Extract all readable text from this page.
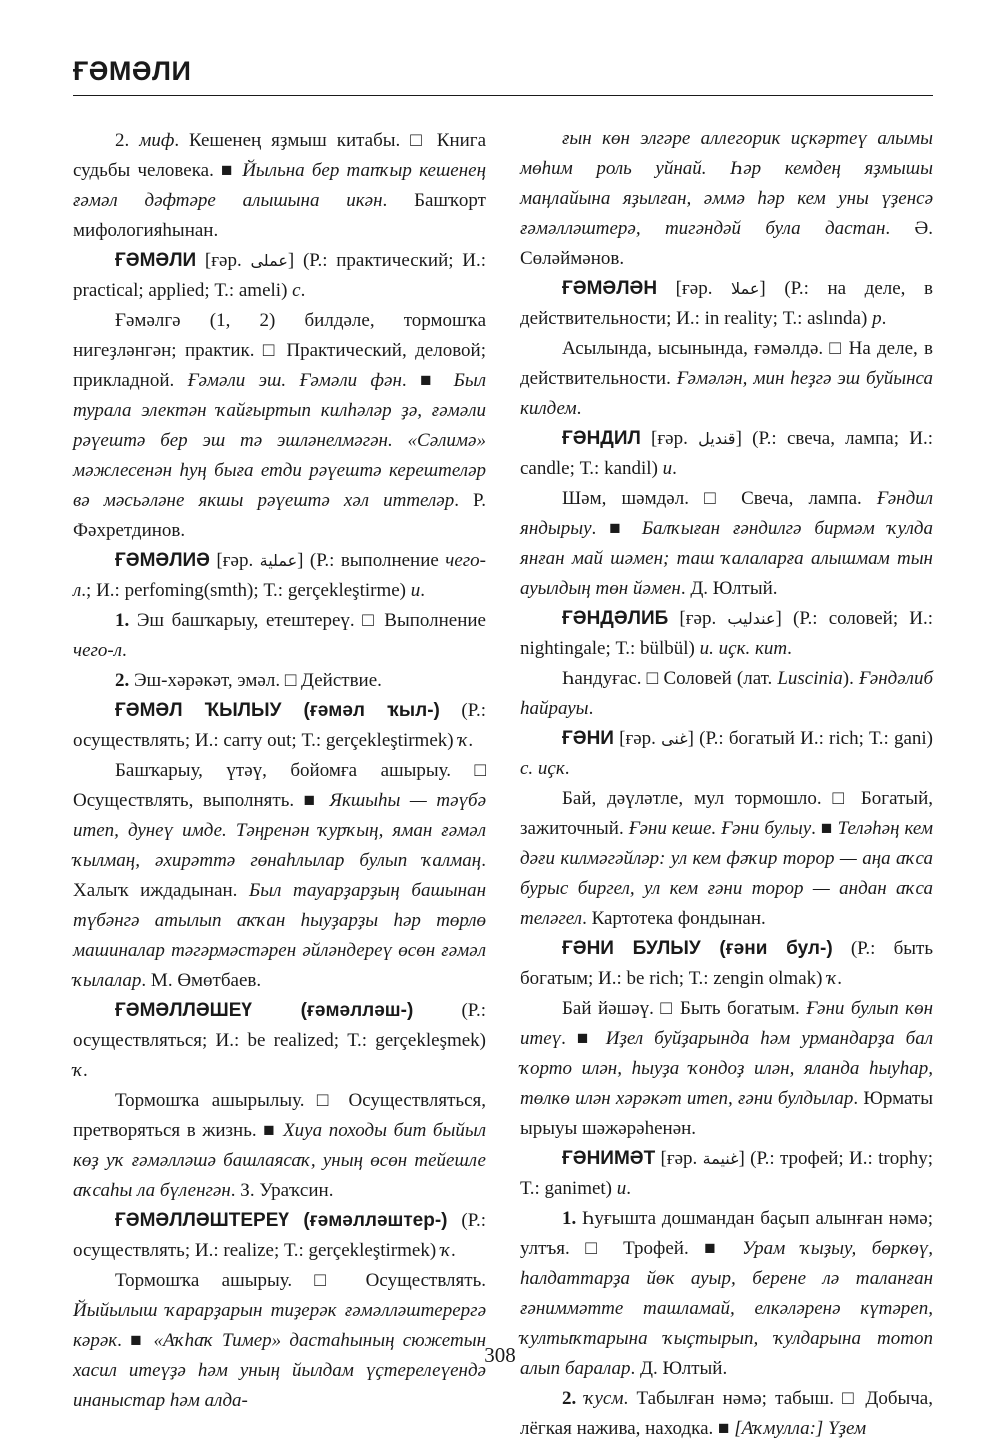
ҒӘМӘЛИ

2. миф. Кешенең яҙмыш китабы. □ Книга судьбы человека. ■ Йыльна бер тапҡыр кешенең ғәмәл дәфтәре алышына икән. Башҡорт мифологияһынан.

ҒӘМӘЛИ [ғәр. عملى] (Р.: практический; И.: practical; applied; Т.: ameli) с.

Ғәмәлгә (1, 2) билдәле, тормошҡа нигеҙләнгән; практик. □ Практический, деловой; прикладной. Ғәмәли эш. Ғәмәли фән. ■ Был турала электән ҡайғыртып килһәләр ҙә, ғәмәли рәүештә бер эш тә эшләнелмәгән. «Сәлимә» мәжлесенән һуң быға етди рәүештә керештеләр вә мәсьәләне якшы рәүештә хәл иттеләр. Р. Фәхретдинов.

ҒӘМӘЛИӘ [ғәр. عملية] (Р.: выполнение чего-л.; И.: perfoming(smth); Т.: gerçekleştirme) и.

1. Эш башҡарыу, етештереү. □ Выполнение чего-л.

2. Эш-хәрәкәт, эмәл. □ Действие.

ҒӘМӘЛ ҠЫЛЫУ (ғәмәл ҡыл-) (Р.: осуществлять; И.: carry out; Т.: gerçekleştirmek) ҡ.

Башҡарыу, үтәү, бойомға ашырыу. □ Осуществлять, выполнять. ■ Якшыһы — тәүбә итеп, дунеү имде. Тәңренән ҡурҡың, яман ғәмәл ҡылмаң, әхирәттә гөнаһлылар булып ҡалмаң. Халыҡ иждадынан. Был тауарҙарҙың башынан түбәнгә атылып аҡҡан һыуҙарҙы һәр төрлө машиналар тәгәрмәстәрен әйләндереү өсөн ғәмәл ҡылалар. М. Өмөтбаев.

ҒӘМӘЛЛӘШЕҮ (ғәмәлләш-) (Р.: осуществляться; И.: be realized; Т.: gerçekleşmek) ҡ.

Тормошҡа ашырылыу. □ Осуществляться, претворяться в жизнь. ■ Хиуа походы бит быйыл көҙ уҡ ғәмәлләшә башлаясаҡ, уның өсөн тейешле аҡсаһы ла бүленгән. З. Ураҡсин.

ҒӘМӘЛЛӘШТЕРЕҮ (ғәмәлләштер-) (Р.: осуществлять; И.: realize; Т.: gerçekleştirmek) ҡ.

Тормошҡа ашырыу. □ Осуществлять. Йыйылыш ҡарарҙарын тиҙерәк ғәмәлләштерергә кәрәк. ■ «Аҡһаҡ Тимер» дастаһының сюжетын хасил итеүҙә һәм уның йылдам үҫтерелеүендә инаныстар һәм алда-

ғын көн элгәре аллегорик иҫкәртеү алымы мөһим роль уйнай. Һәр кемдең яҙмышы маңлайына яҙылған, әммә һәр кем уны үҙенсә ғәмәлләштерә, тигәндәй була дастан. Ә. Сөләймәнов.

ҒӘМӘЛӘН [ғәр. عملا] (Р.: на деле, в действительности; И.: in reality; Т.: aslında) р.

Асылында, ысынында, ғәмәлдә. □ На деле, в действительности. Ғәмәлән, мин һеҙгә эш буйынса килдем.

ҒӘНДИЛ [ғәр. قنديل] (Р.: свеча, лампа; И.: candle; Т.: kandil) и.

Шәм, шәмдәл. □ Свеча, лампа. Ғәндил яндырыу. ■ Балҡыған ғәндилгә бирмәм ҡулда янған май шәмен; таш ҡалаларға алышмам тын ауылдың төн йәмен. Д. Юлтый.

ҒӘНДӘЛИБ [ғәр. عندليب] (Р.: соловей; И.: nightingale; Т.: bülbül) и. иҫк. кит.

Һандуғас. □ Соловей (лат. Luscinia). Ғәндәлиб һайрауы.

ҒӘНИ [ғәр. غنى] (Р.: богатый И.: rich; Т.: gani) с. иҫк.

Бай, дәүләтле, мул тормошло. □ Богатый, зажиточный. Ғәни кеше. Ғәни булыу. ■ Теләһәң кем дәғи килмәгәйләр: ул кем фәҡир тороp — аңа аҡса бурыс биргел, ул кем ғәни тороp — андан аҡса теләгел. Картотека фондынан.

ҒӘНИ БУЛЫУ (ғәни бул-) (Р.: быть богатым; И.: be rich; Т.: zengin olmak) ҡ.

Бай йәшәү. □ Быть богатым. Ғәни булып көн итеү. ■ Иҙел буйҙарында һәм урмандарҙа бал ҡорто илән, һыуҙа ҡондоҙ илән, яланда һыуһар, төлкө илән хәрәкәт итеп, ғәни булдылар. Юрматы ырыуы шәжәрәһенән.

ҒӘНИМӘТ [ғәр. غنيمة] (Р.: трофей; И.: trophy; Т.: ganimet) и.

1. Һуғышта дошмандан баҫып алынған нәмә; ултъя. □ Трофей. ■ Урам ҡыҙыу, бөркөү, һалдаттарҙа йөк ауыр, берене лә таланған ғәниммәтте ташламай, елкәләренә күтәреп, ҡултыҡтарына ҡыҫтырып, ҡулдарына тотоп алып баралар. Д. Юлтый.

2. ҡусм. Табылған нәмә; табыш. □ Добыча, лёгкая нажива, находка. ■ [Аҡмулла:] Үҙем

308
